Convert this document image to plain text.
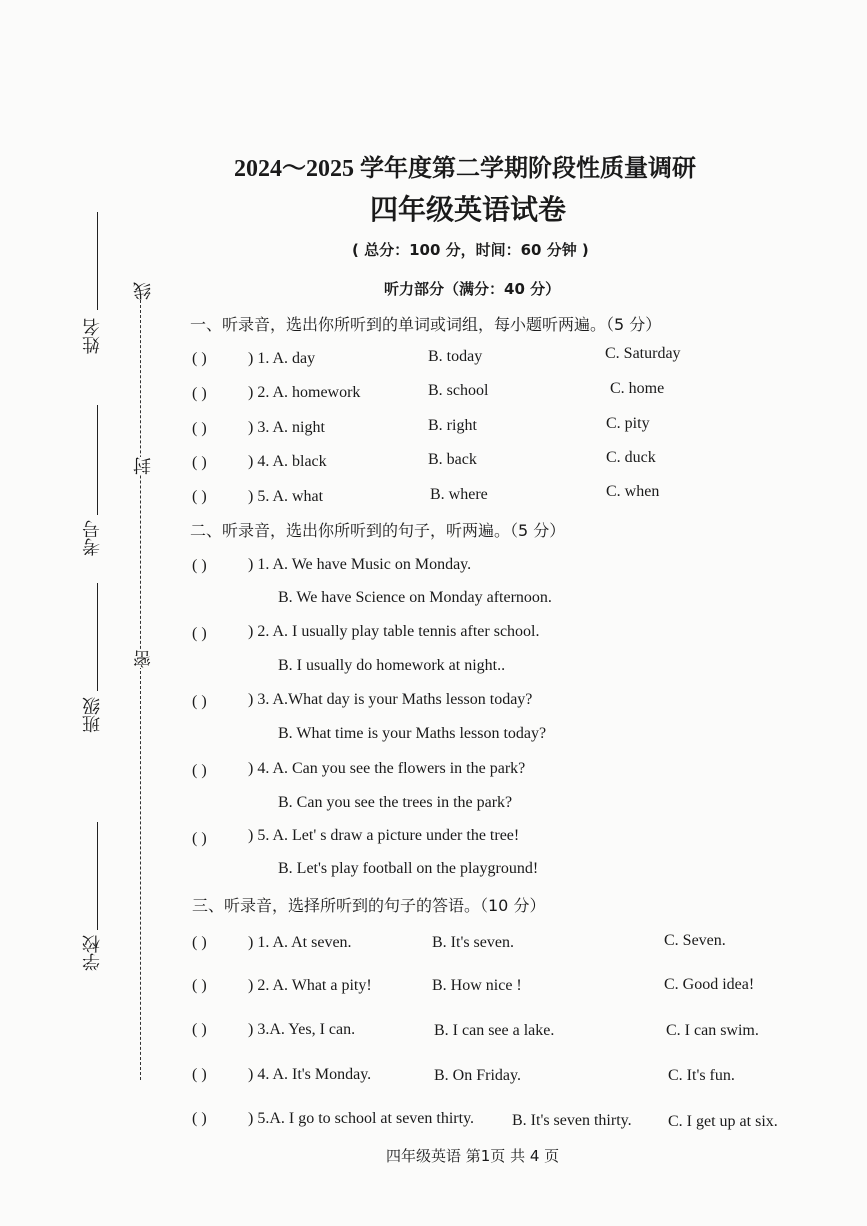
姓名
考号
班级
学校
线
封
密
2024～2025 学年度第二学期阶段性质量调研
四年级英语试卷
( 总分：100 分，时间：60 分钟 )
听力部分（满分：40 分）
一、听录音，选出你所听到的单词或词组，每小题听两遍。（5 分）
( )	) 1. A. day	B. today	C. Saturday
( )	) 2. A. homework	B. school	C. home
( )	) 3. A. night	B. right	C. pity
( )	) 4. A. black	B. back	C. duck
( )	) 5. A. what	B. where	C. when
二、听录音，选出你所听到的句子，听两遍。（5 分）
( )	) 1. A. We have Music on Monday.
B. We have Science on Monday afternoon.
( )	) 2. A. I usually play table tennis after school.
B. I usually do homework at night..
( )	) 3. A.What day is your Maths lesson today?
B. What time is your Maths lesson today?
( )	) 4. A. Can you see the flowers in the park?
B. Can you see the trees in the park?
( )	) 5. A. Let' s draw a picture under the tree!
B. Let's play football on the playground!
三、听录音，选择所听到的句子的答语。（10 分）
( )	) 1. A. At seven.	B. It's seven.	C. Seven.
( )	) 2. A. What a pity!	B. How nice !	C. Good idea!
( )	) 3.A. Yes, I can.	B. I can see a lake.	C. I can swim.
( )	) 4. A. It's Monday.	B. On Friday.	C. It's fun.
( )	) 5.A. I go to school at seven thirty. B. It's seven thirty. C. I get up at six.
四年级英语 第1页 共 4 页
